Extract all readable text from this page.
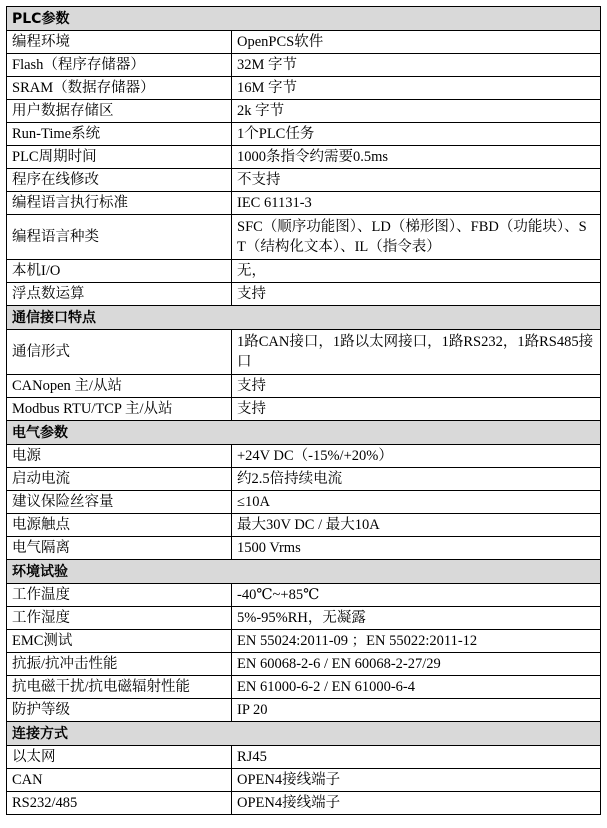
PLC参数	
编程环境	OpenPCS软件
Flash（程序存储器）	32M 字节
SRAM（数据存储器）	16M 字节
用户数据存储区	2k 字节
Run-Time系统	1个PLC任务
PLC周期时间	1000条指令约需要0.5ms
程序在线修改	不支持
编程语言执行标准	IEC 61131-3
编程语言种类	SFC（顺序功能图）、LD（梯形图）、FBD（功能块）、ST（结构化文本）、IL（指令表）
本机I/O	无，
浮点数运算	支持
通信接口特点	
通信形式	1路CAN接口，1路以太网接口，1路RS232，1路RS485接口
CANopen 主/从站	支持
Modbus RTU/TCP 主/从站	支持
电气参数	
电源	+24V DC（-15%/+20%）
启动电流	约2.5倍持续电流
建议保险丝容量	≤10A
电源触点	最大30V DC / 最大10A
电气隔离	1500 Vrms
环境试验	
工作温度	-40℃~+85℃
工作湿度	5%-95%RH，无凝露
EMC测试	EN 55024:2011-09 ；EN 55022:2011-12
抗振/抗冲击性能	EN 60068-2-6 / EN 60068-2-27/29
抗电磁干扰/抗电磁辐射性能	EN 61000-6-2 / EN 61000-6-4
防护等级	IP 20
连接方式	
以太网	RJ45
CAN	OPEN4接线端子
RS232/485	OPEN4接线端子
